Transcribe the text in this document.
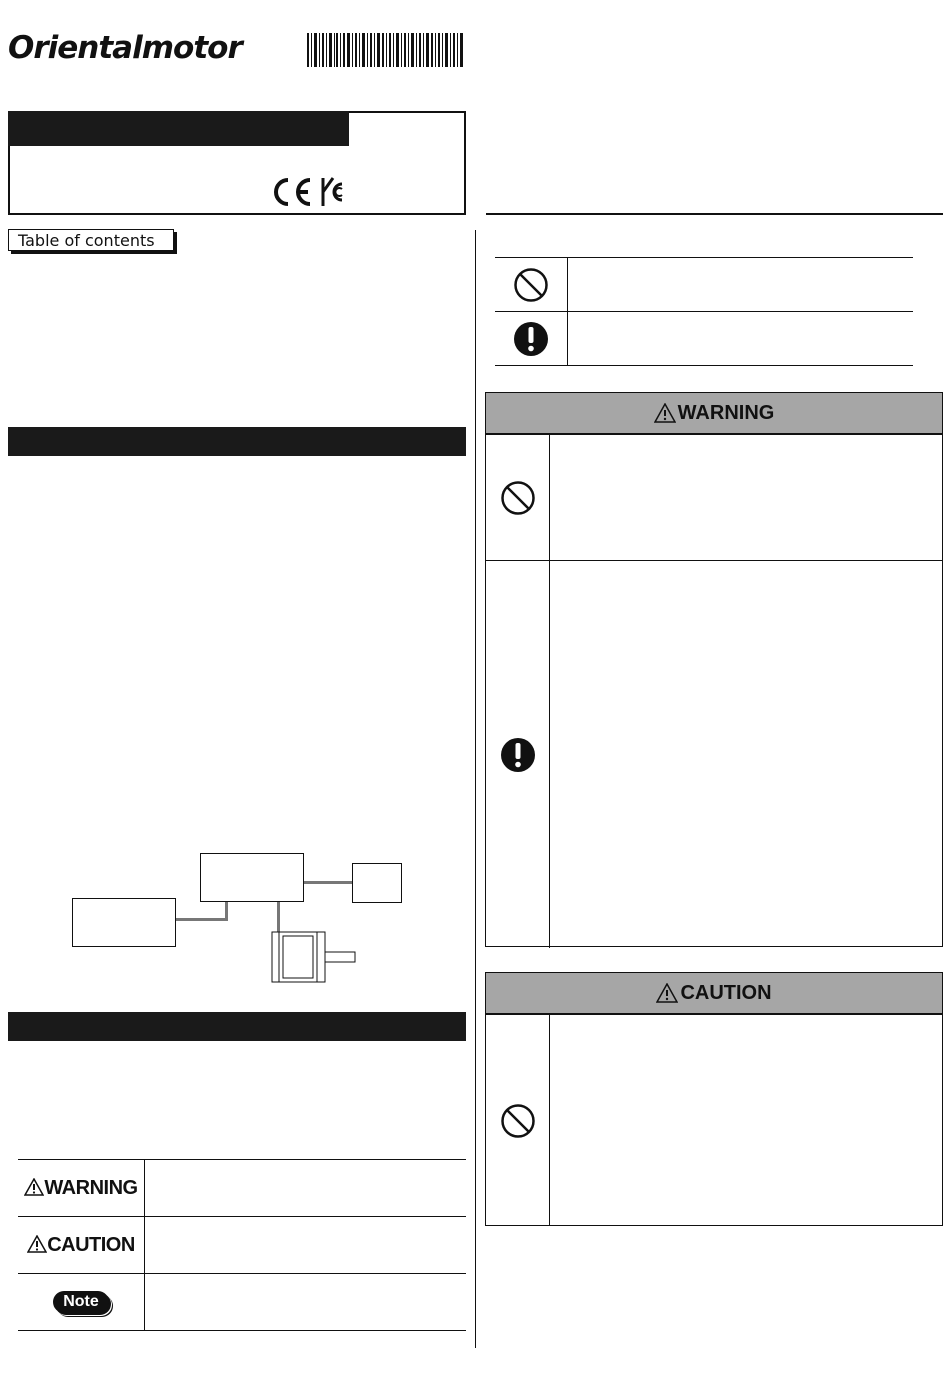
Orientalmotor
Table of contents
WARNING	
CAUTION	
Note	
WARNING
CAUTION
